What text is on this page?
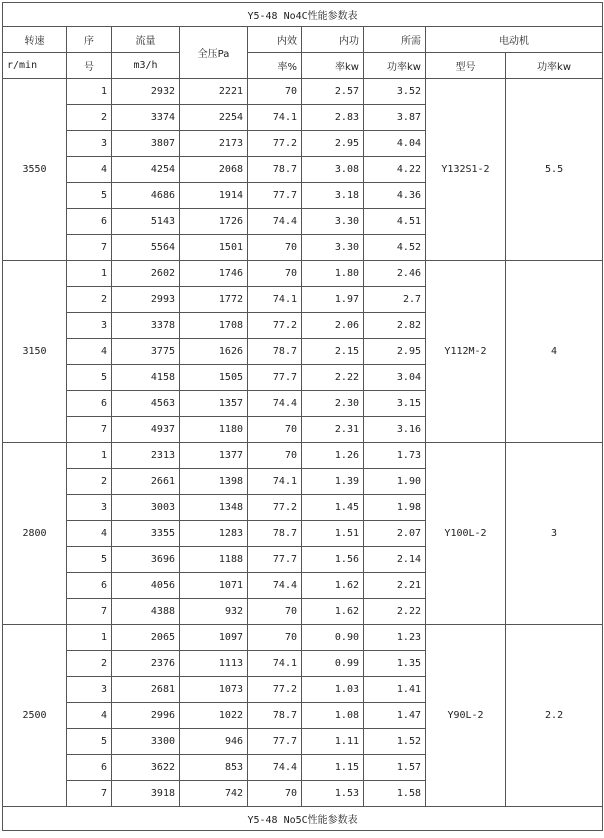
Y5-48 No4C性能参数表								
转速	序	流量	全压Pa	内效	内功	所需	电动机	
r/min	号	m3/h		率%	率kw	功率kw	型号	功率kw
3550	1	2932	2221	70	2.57	3.52	Y132S1-2	5.5
	2	3374	2254	74.1	2.83	3.87		
	3	3807	2173	77.2	2.95	4.04		
	4	4254	2068	78.7	3.08	4.22		
	5	4686	1914	77.7	3.18	4.36		
	6	5143	1726	74.4	3.30	4.51		
	7	5564	1501	70	3.30	4.52		
3150	1	2602	1746	70	1.80	2.46	Y112M-2	4
	2	2993	1772	74.1	1.97	2.7		
	3	3378	1708	77.2	2.06	2.82		
	4	3775	1626	78.7	2.15	2.95		
	5	4158	1505	77.7	2.22	3.04		
	6	4563	1357	74.4	2.30	3.15		
	7	4937	1180	70	2.31	3.16		
2800	1	2313	1377	70	1.26	1.73	Y100L-2	3
	2	2661	1398	74.1	1.39	1.90		
	3	3003	1348	77.2	1.45	1.98		
	4	3355	1283	78.7	1.51	2.07		
	5	3696	1188	77.7	1.56	2.14		
	6	4056	1071	74.4	1.62	2.21		
	7	4388	932	70	1.62	2.22		
2500	1	2065	1097	70	0.90	1.23	Y90L-2	2.2
	2	2376	1113	74.1	0.99	1.35		
	3	2681	1073	77.2	1.03	1.41		
	4	2996	1022	78.7	1.08	1.47		
	5	3300	946	77.7	1.11	1.52		
	6	3622	853	74.4	1.15	1.57		
	7	3918	742	70	1.53	1.58		
Y5-48 No5C性能参数表								
